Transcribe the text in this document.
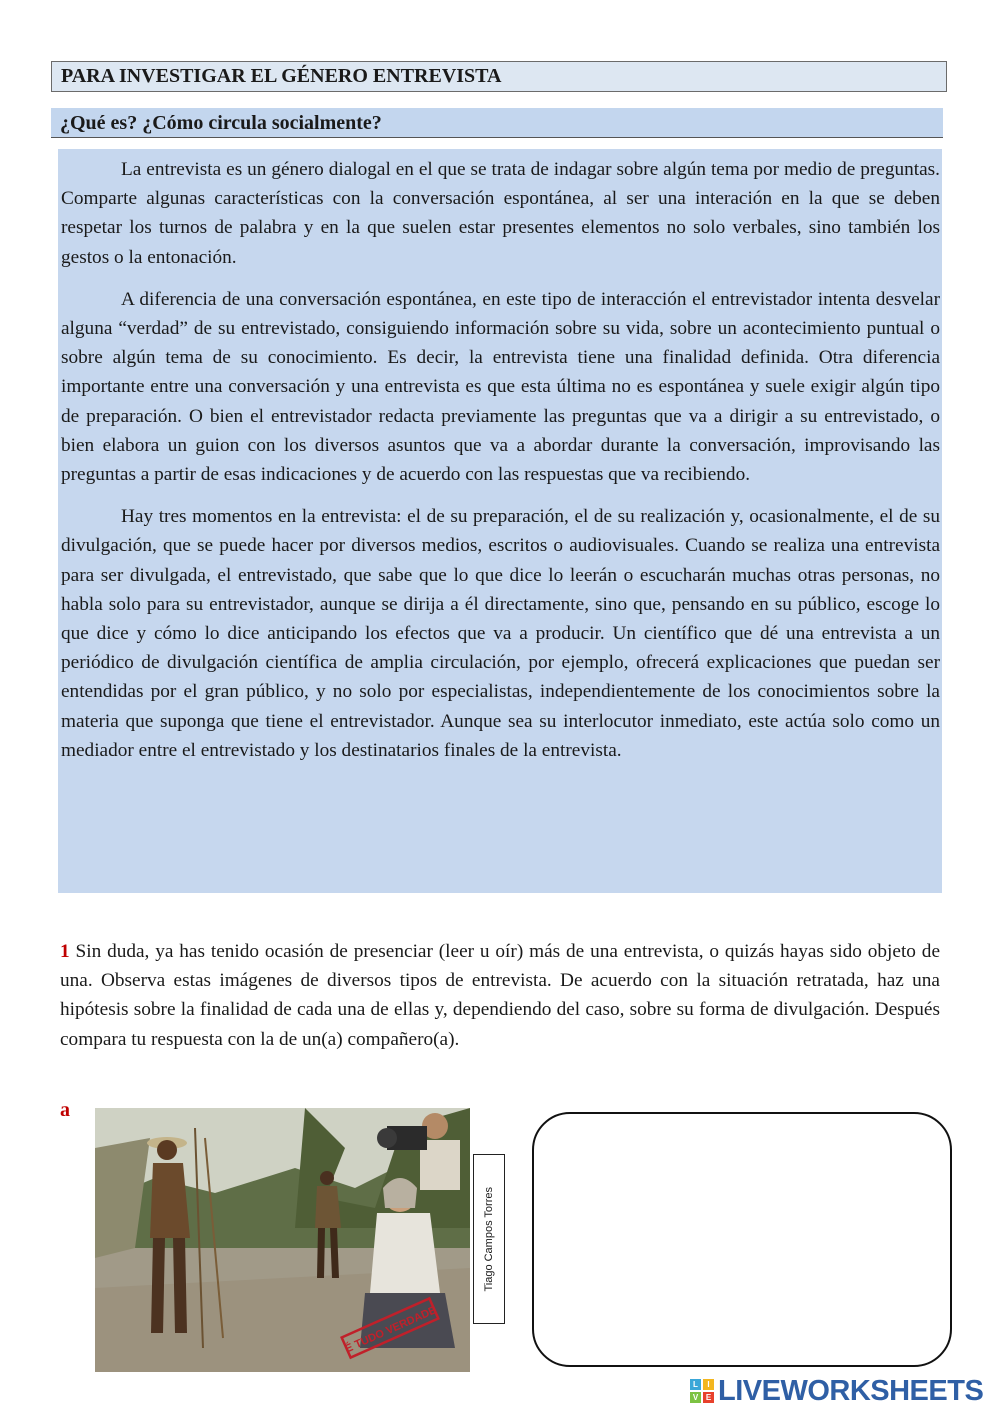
PARA INVESTIGAR EL GÉNERO ENTREVISTA
¿Qué es? ¿Cómo circula socialmente?

La entrevista es un género dialogal en el que se trata de indagar sobre algún tema por medio de preguntas. Comparte algunas características con la conversación espontánea, al ser una interación en la que se deben respetar los turnos de palabra y en la que suelen estar presentes elementos no solo verbales, sino también los gestos o la entonación.

A diferencia de una conversación espontánea, en este tipo de interacción el entrevistador intenta desvelar alguna “verdad” de su entrevistado, consiguiendo información sobre su vida, sobre un acontecimiento puntual o sobre algún tema de su conocimiento. Es decir, la entrevista tiene una finalidad definida. Otra diferencia importante entre una conversación y una entrevista es que esta última no es espontánea y suele exigir algún tipo de preparación. O bien el entrevistador redacta previamente las preguntas que va a dirigir a su entrevistado, o bien elabora un guion con los diversos asuntos que va a abordar durante la conversación, improvisando las preguntas a partir de esas indicaciones y de acuerdo con las respuestas que va recibiendo.

Hay tres momentos en la entrevista: el de su preparación, el de su realización y, ocasionalmente, el de su divulgación, que se puede hacer por diversos medios, escritos o audiovisuales. Cuando se realiza una entrevista para ser divulgada, el entrevistado, que sabe que lo que dice lo leerán o escucharán muchas otras personas, no habla solo para su entrevistador, aunque se dirija a él directamente, sino que, pensando en su público, escoge lo que dice y cómo lo dice anticipando los efectos que va a producir. Un científico que dé una entrevista a un periódico de divulgación científica de amplia circulación, por ejemplo, ofrecerá explicaciones que puedan ser entendidas por el gran público, y no solo por especialistas, independientemente de los conocimientos sobre la materia que suponga que tiene el entrevistador. Aunque sea su interlocutor inmediato, este actúa solo como un mediador entre el entrevistado y los destinatarios finales de la entrevista.

1 Sin duda, ya has tenido ocasión de presenciar (leer u oír) más de una entrevista, o quizás hayas sido objeto de una. Observa estas imágenes de diversos tipos de entrevista. De acuerdo con la situación retratada, haz una hipótesis sobre la finalidad de cada una de ellas y, dependiendo del caso, sobre su forma de divulgación. Después compara tu respuesta con la de un(a) compañero(a).

a
É TUDO VERDADE
Tiago Campos Torres
L	I
V E LIVEWORKSHEETS
